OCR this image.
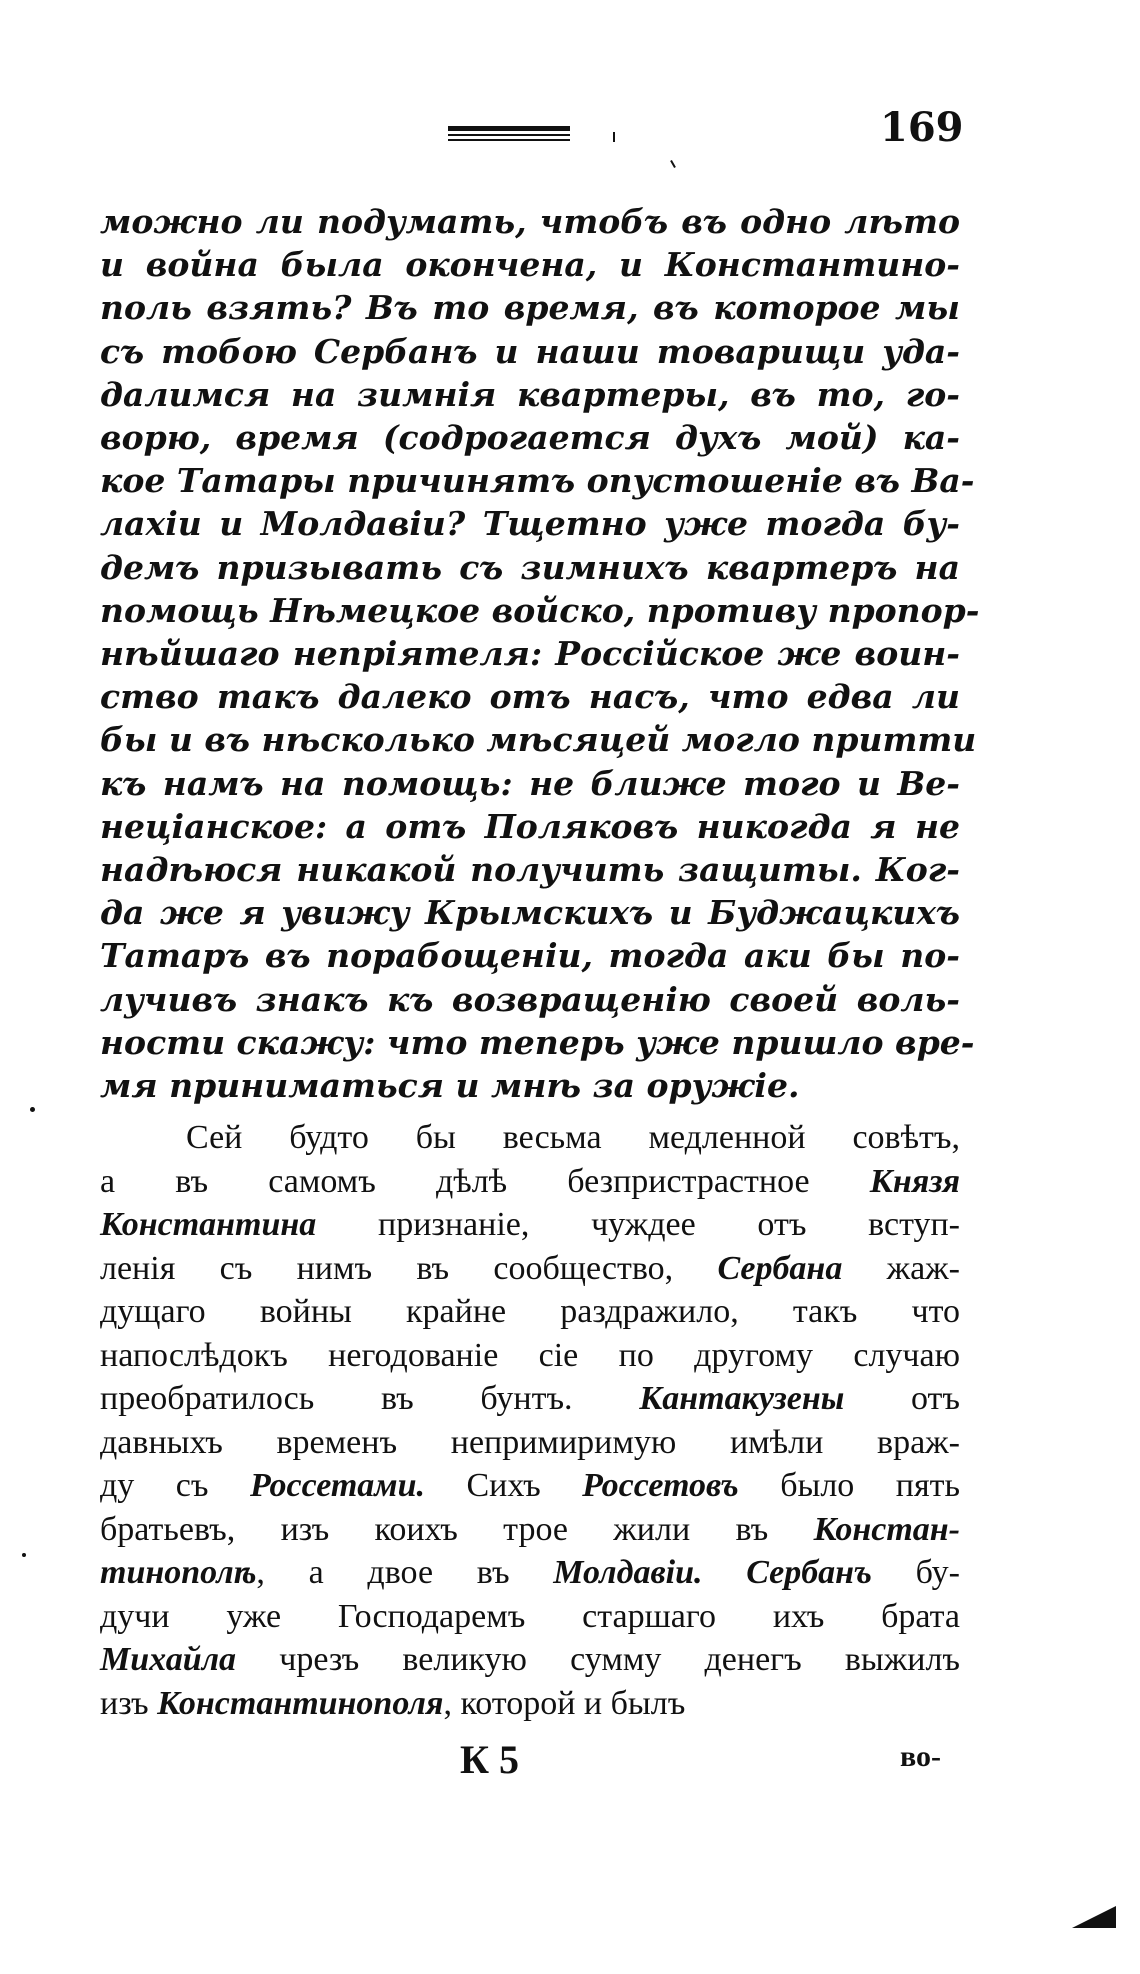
169
можно ли подумать, чтобъ въ одно лѣто
и война была окончена, и Константино-
поль взять? Въ то время, въ которое мы
съ тобою Сербанъ и наши товарищи уда-
далимся на зимнія квартеры, въ то, го-
ворю, время (содрогается духъ мой) ка-
кое Татары причинятъ опустошеніе въ Ва-
лахіи и Молдавіи? Тщетно уже тогда бу-
демъ призывать съ зимнихъ квартеръ на
помощь Нѣмецкое войско, противу пропор-
нѣйшаго непріятеля: Россійское же воин-
ство такъ далеко отъ насъ, что едва ли
бы и въ нѣсколько мѣсяцей могло притти
къ намъ на помощь: не ближе того и Ве-
неціанское: а отъ Поляковъ никогда я не
надѣюся никакой получить защиты. Ког-
да же я увижу Крымскихъ и Буджацкихъ
Татаръ въ порабощеніи, тогда аки бы по-
лучивъ знакъ къ возвращенію своей воль-
ности скажу: что теперь уже пришло вре-
мя приниматься и мнѣ за оружіе.
Сей будто бы весьма медленной совѣтъ,
а въ самомъ дѣлѣ безпристрастное Князя
Константина признаніе, чуждее отъ вступ-
ленія съ нимъ въ сообщество, Сербана жаж-
дущаго войны крайне раздражило, такъ что
напослѣдокъ негодованіе сіе по другому случаю
преобратилось въ бунтъ. Кантакузены отъ
давныхъ временъ непримиримую имѣли враж-
ду съ Россетами. Сихъ Россетовъ было пять
братьевъ, изъ коихъ трое жили въ Констан-
тинополѣ, а двое въ Молдавіи. Сербанъ бу-
дучи уже Господаремъ старшаго ихъ брата
Михайла чрезъ великую сумму денегъ выжилъ
изъ Константинополя, которой и былъ
К 5	во-
